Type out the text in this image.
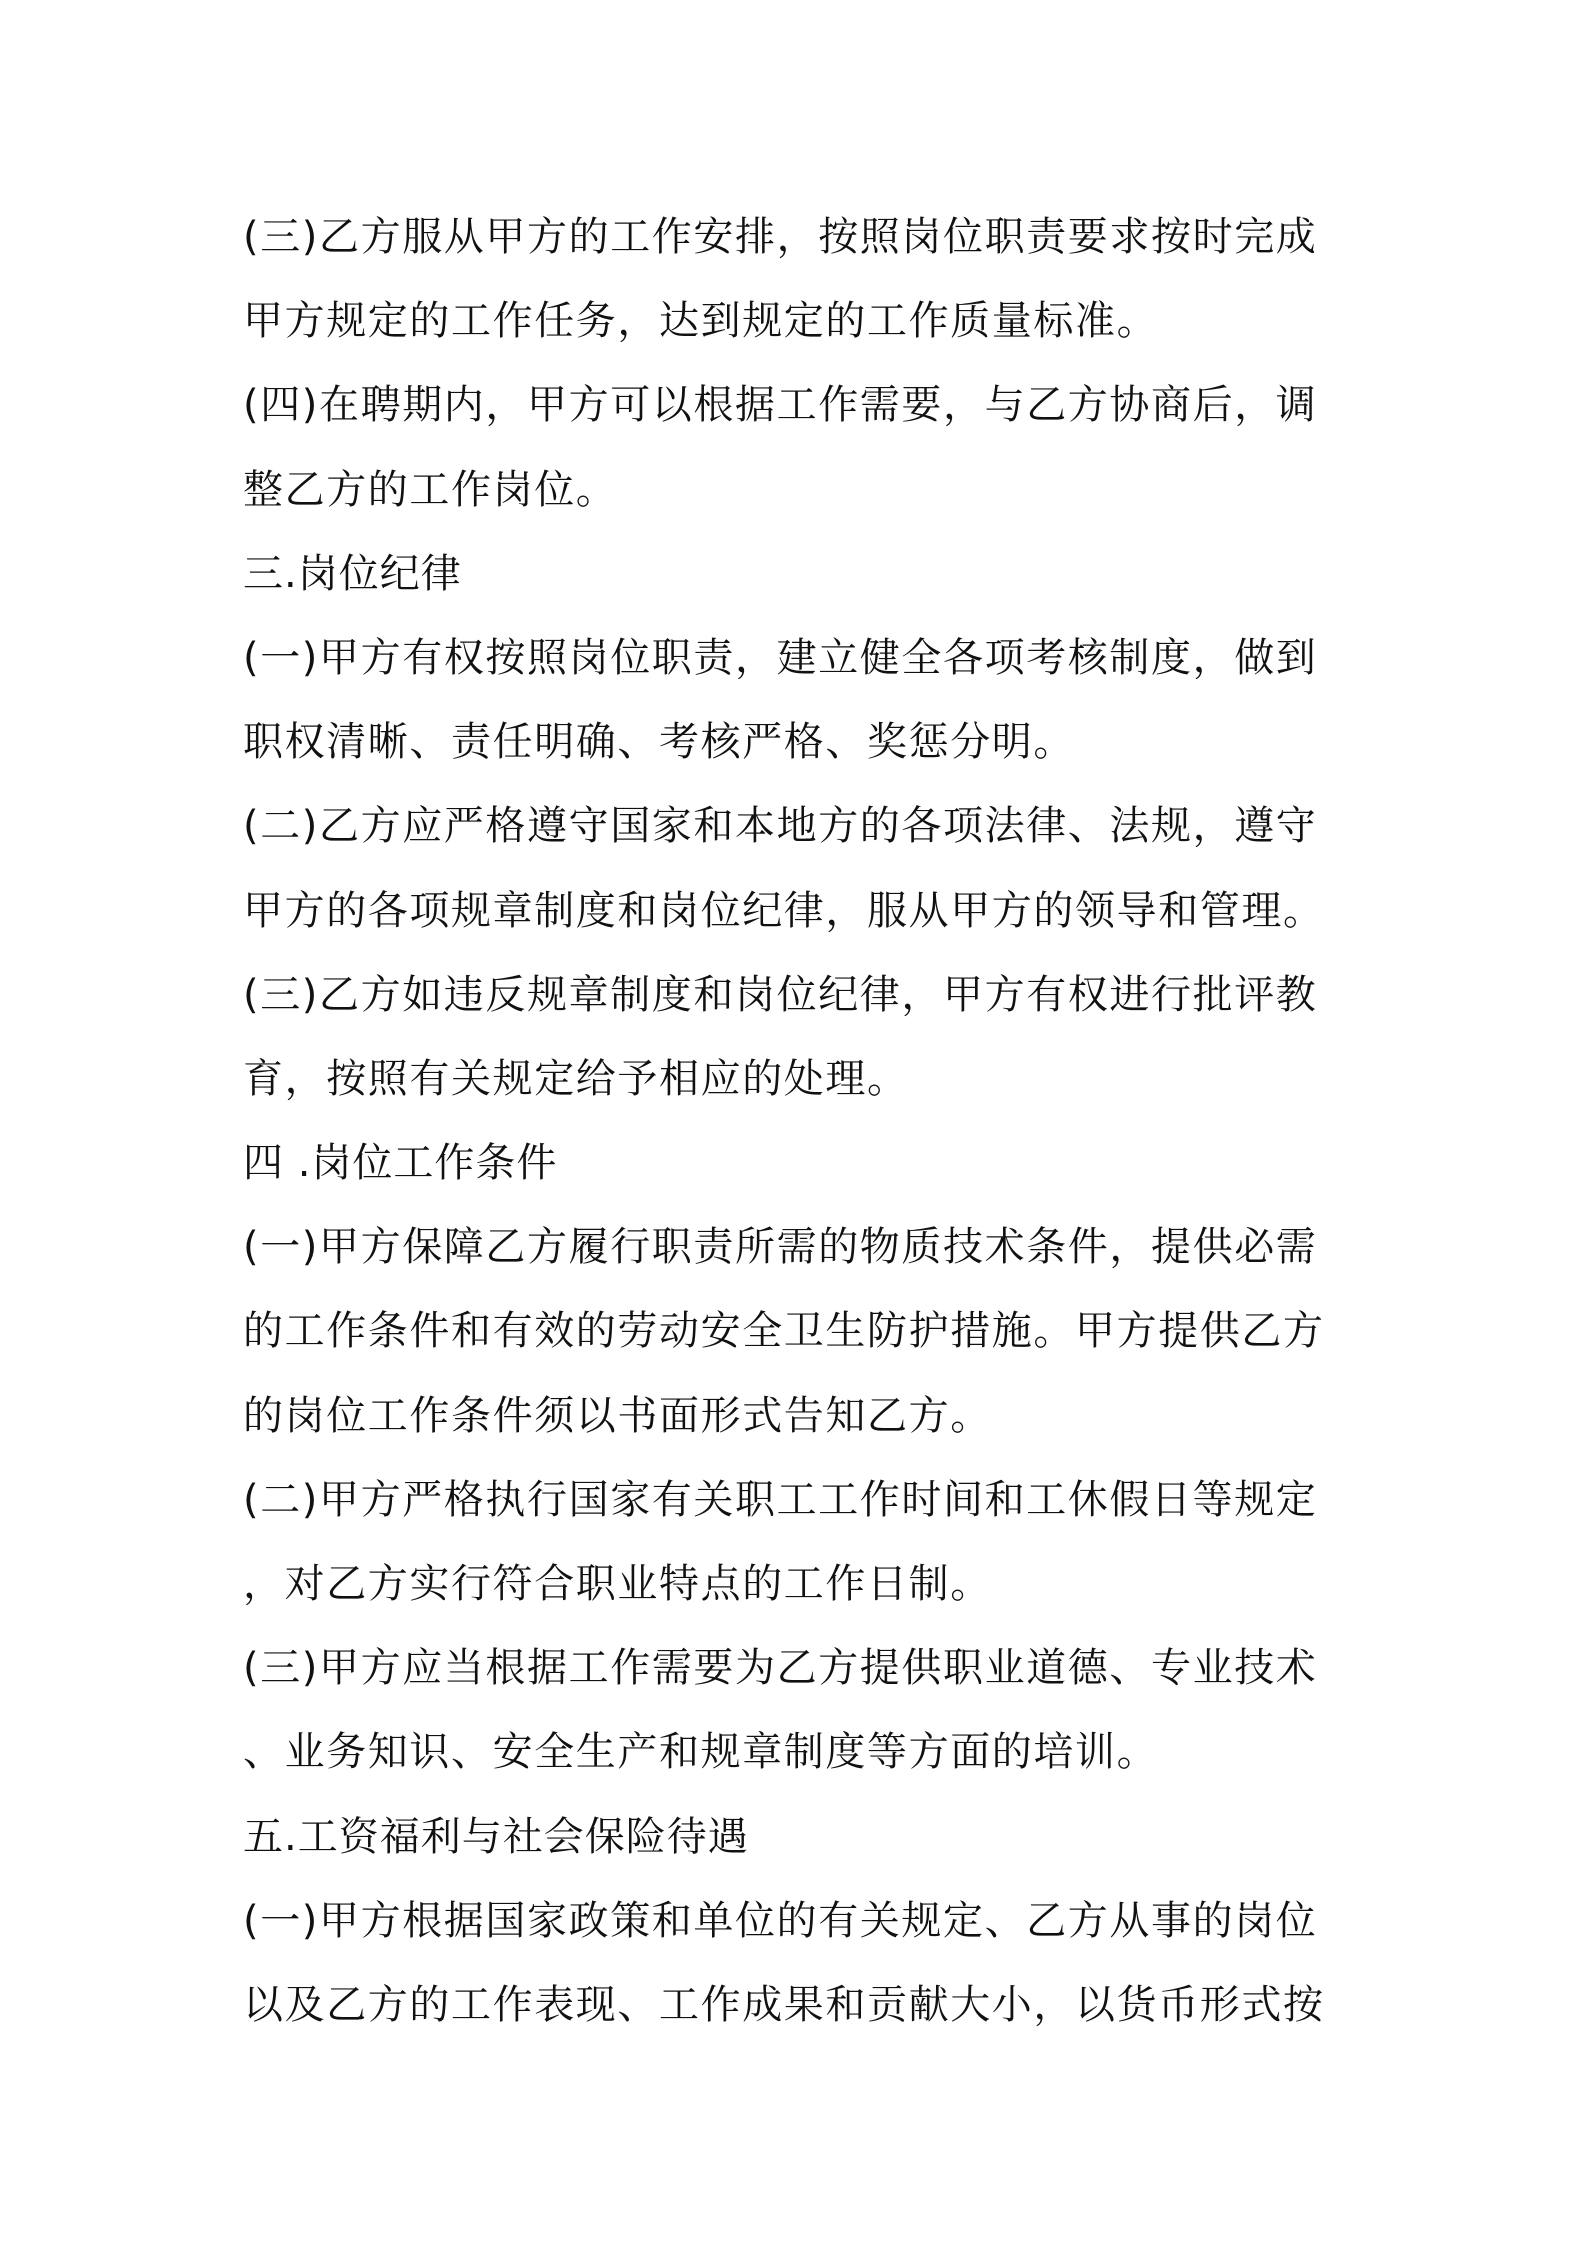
(三)乙方服从甲方的工作安排，按照岗位职责要求按时完成
甲方规定的工作任务，达到规定的工作质量标准。
(四)在聘期内，甲方可以根据工作需要，与乙方协商后，调
整乙方的工作岗位。
三.岗位纪律
(一)甲方有权按照岗位职责，建立健全各项考核制度，做到
职权清晰、责任明确、考核严格、奖惩分明。
(二)乙方应严格遵守国家和本地方的各项法律、法规，遵守
甲方的各项规章制度和岗位纪律，服从甲方的领导和管理。
(三)乙方如违反规章制度和岗位纪律，甲方有权进行批评教
育，按照有关规定给予相应的处理。
四 .岗位工作条件
(一)甲方保障乙方履行职责所需的物质技术条件，提供必需
的工作条件和有效的劳动安全卫生防护措施。甲方提供乙方
的岗位工作条件须以书面形式告知乙方。
(二)甲方严格执行国家有关职工工作时间和工休假日等规定
，对乙方实行符合职业特点的工作日制。
(三)甲方应当根据工作需要为乙方提供职业道德、专业技术
、业务知识、安全生产和规章制度等方面的培训。
五.工资福利与社会保险待遇
(一)甲方根据国家政策和单位的有关规定、乙方从事的岗位
以及乙方的工作表现、工作成果和贡献大小，以货币形式按
